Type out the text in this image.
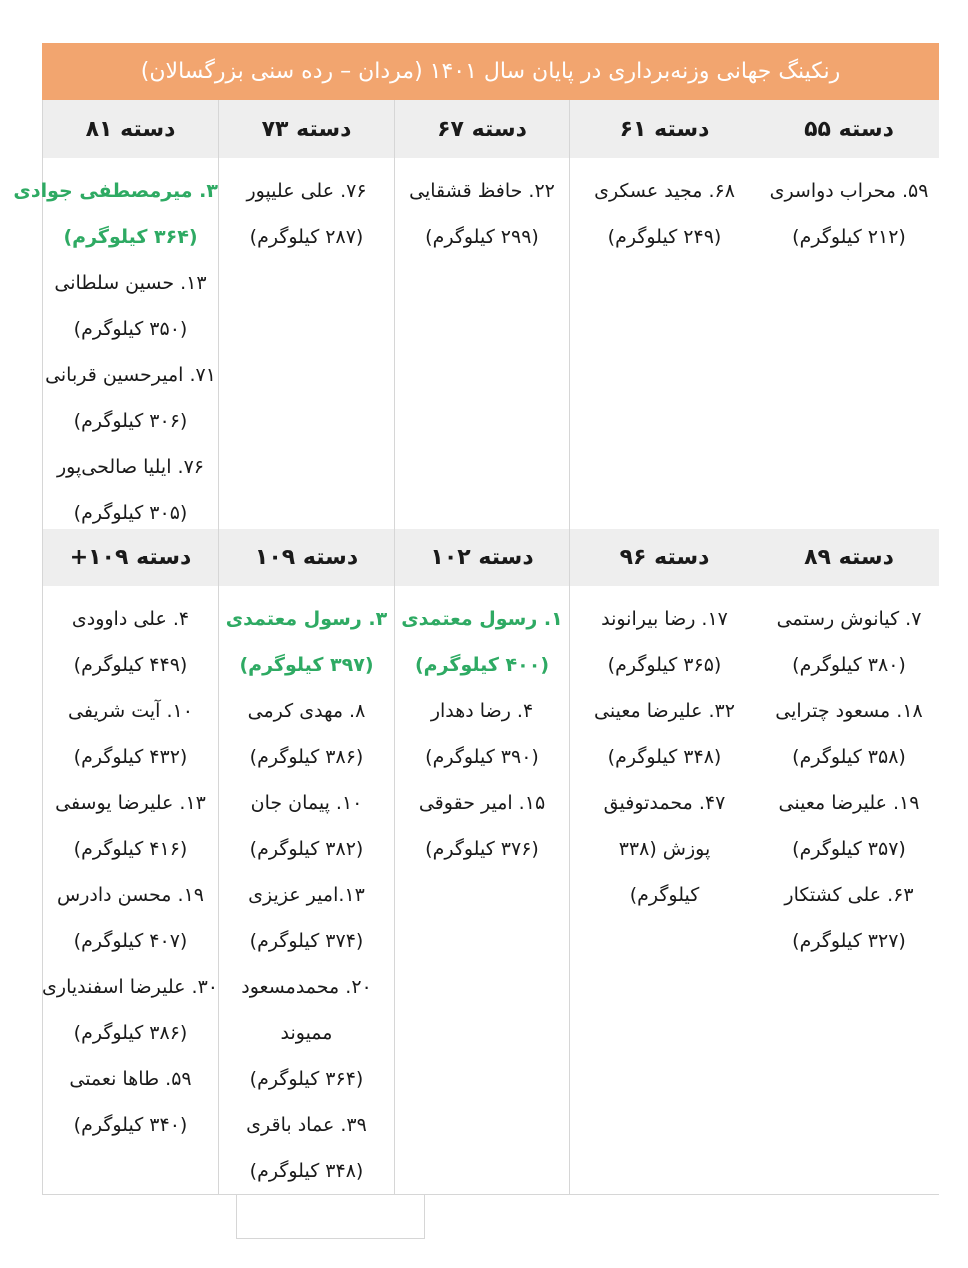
رنکینگ جهانی وزنه‌برداری در پایان سال ۱۴۰۱ (مردان – رده سنی بزرگسالان)
دسته ۵۵
دسته ۶۱
دسته ۶۷
دسته ۷۳
دسته ۸۱
۵۹. محراب دواسری
(۲۱۲ کیلوگرم)
۶۸. مجید عسکری
(۲۴۹ کیلوگرم)
۲۲. حافظ قشقایی
(۲۹۹ کیلوگرم)
۷۶. علی علیپور
(۲۸۷ کیلوگرم)
۳. میرمصطفی جوادی
(۳۶۴ کیلوگرم)
۱۳. حسین سلطانی
(۳۵۰ کیلوگرم)
۷۱. امیرحسین قربانی
(۳۰۶ کیلوگرم)
۷۶. ایلیا صالحی‌پور
(۳۰۵ کیلوگرم)
دسته ۸۹
دسته ۹۶
دسته ۱۰۲
دسته ۱۰۹
دسته ۱۰۹+
۷. کیانوش رستمی
(۳۸۰ کیلوگرم)
۱۸. مسعود چترایی
(۳۵۸ کیلوگرم)
۱۹. علیرضا معینی
(۳۵۷ کیلوگرم)
۶۳. علی کشتکار
(۳۲۷ کیلوگرم)
۱۷. رضا بیرانوند
(۳۶۵ کیلوگرم)
۳۲. علیرضا معینی
(۳۴۸ کیلوگرم)
۴۷. محمدتوفیق
پوزش (۳۳۸
کیلوگرم)
۱. رسول معتمدی
(۴۰۰ کیلوگرم)
۴. رضا دهدار
(۳۹۰ کیلوگرم)
۱۵. امیر حقوقی
(۳۷۶ کیلوگرم)
۳. رسول معتمدی
(۳۹۷ کیلوگرم)
۸. مهدی کرمی
(۳۸۶ کیلوگرم)
۱۰. پیمان جان
(۳۸۲ کیلوگرم)
۱۳.امیر عزیزی
(۳۷۴ کیلوگرم)
۲۰. محمدمسعود
ممیوند
(۳۶۴ کیلوگرم)
۳۹. عماد باقری
(۳۴۸ کیلوگرم)
۴. علی داوودی
(۴۴۹ کیلوگرم)
۱۰. آیت شریفی
(۴۳۲ کیلوگرم)
۱۳. علیرضا یوسفی
(۴۱۶ کیلوگرم)
۱۹. محسن دادرس
(۴۰۷ کیلوگرم)
۳۰. علیرضا اسفندیاری
(۳۸۶ کیلوگرم)
۵۹. طاها نعمتی
(۳۴۰ کیلوگرم)
